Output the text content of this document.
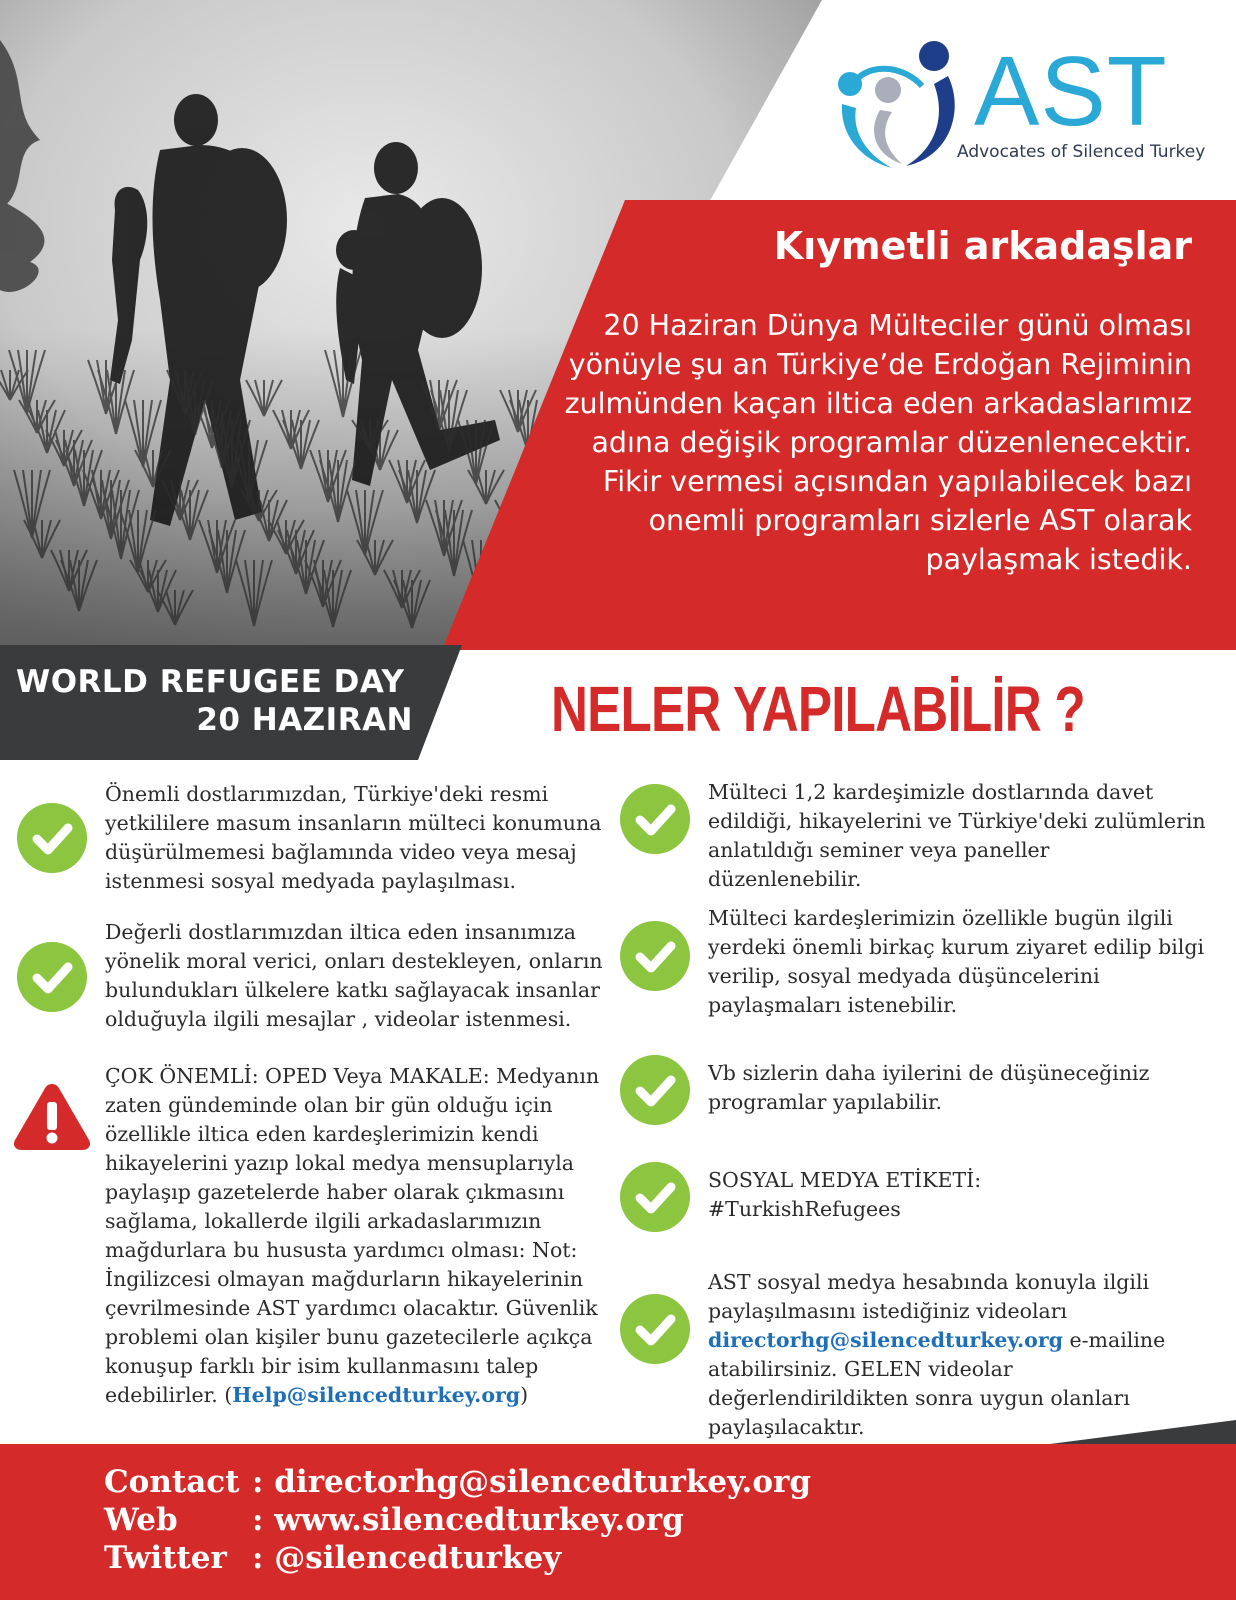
AST
Advocates of Silenced Turkey
Kıymetli arkadaşlar
20 Haziran Dünya Mülteciler günü olması yönüyle şu an Türkiye’de Erdoğan Rejiminin zulmünden kaçan iltica eden arkadaslarımız adına değişik programlar düzenlenecektir. Fikir vermesi açısından yapılabilecek bazı onemli programları sizlerle AST olarak paylaşmak istedik.
WORLD REFUGEE DAY
20 HAZIRAN NELER YAPILABİLİR ?
Önemli dostlarımızdan, Türkiye'deki resmi yetkililere masum insanların mülteci konumuna düşürülmemesi bağlamında video veya mesaj istenmesi sosyal medyada paylaşılması.
Değerli dostlarımızdan iltica eden insanımıza yönelik moral verici, onları destekleyen, onların bulundukları ülkelere katkı sağlayacak insanlar olduğuyla ilgili mesajlar , videolar istenmesi.
ÇOK ÖNEMLİ: OPED Veya MAKALE: Medyanın zaten gündeminde olan bir gün olduğu için özellikle iltica eden kardeşlerimizin kendi hikayelerini yazıp lokal medya mensuplarıyla paylaşıp gazetelerde haber olarak çıkmasını sağlama, lokallerde ilgili arkadaslarımızın mağdurlara bu hususta yardımcı olması: Not: İngilizcesi olmayan mağdurların hikayelerinin çevrilmesinde AST yardımcı olacaktır. Güvenlik problemi olan kişiler bunu gazetecilerle açıkça konuşup farklı bir isim kullanmasını talep edebilirler. (Help@silencedturkey.org)
Mülteci 1,2 kardeşimizle dostlarında davet edildiği, hikayelerini ve Türkiye'deki zulümlerin anlatıldığı seminer veya paneller düzenlenebilir.
Mülteci kardeşlerimizin özellikle bugün ilgili yerdeki önemli birkaç kurum ziyaret edilip bilgi verilip, sosyal medyada düşüncelerini paylaşmaları istenebilir.
Vb sizlerin daha iyilerini de düşüneceğiniz programlar yapılabilir.
SOSYAL MEDYA ETİKETİ:
#TurkishRefugees
AST sosyal medya hesabında konuyla ilgili paylaşılmasını istediğiniz videoları directorhg@silencedturkey.org e-mailine atabilirsiniz. GELEN videolar değerlendirildikten sonra uygun olanları paylaşılacaktır.
Contact : directorhg@silencedturkey.org
Web : www.silencedturkey.org
Twitter : @silencedturkey
